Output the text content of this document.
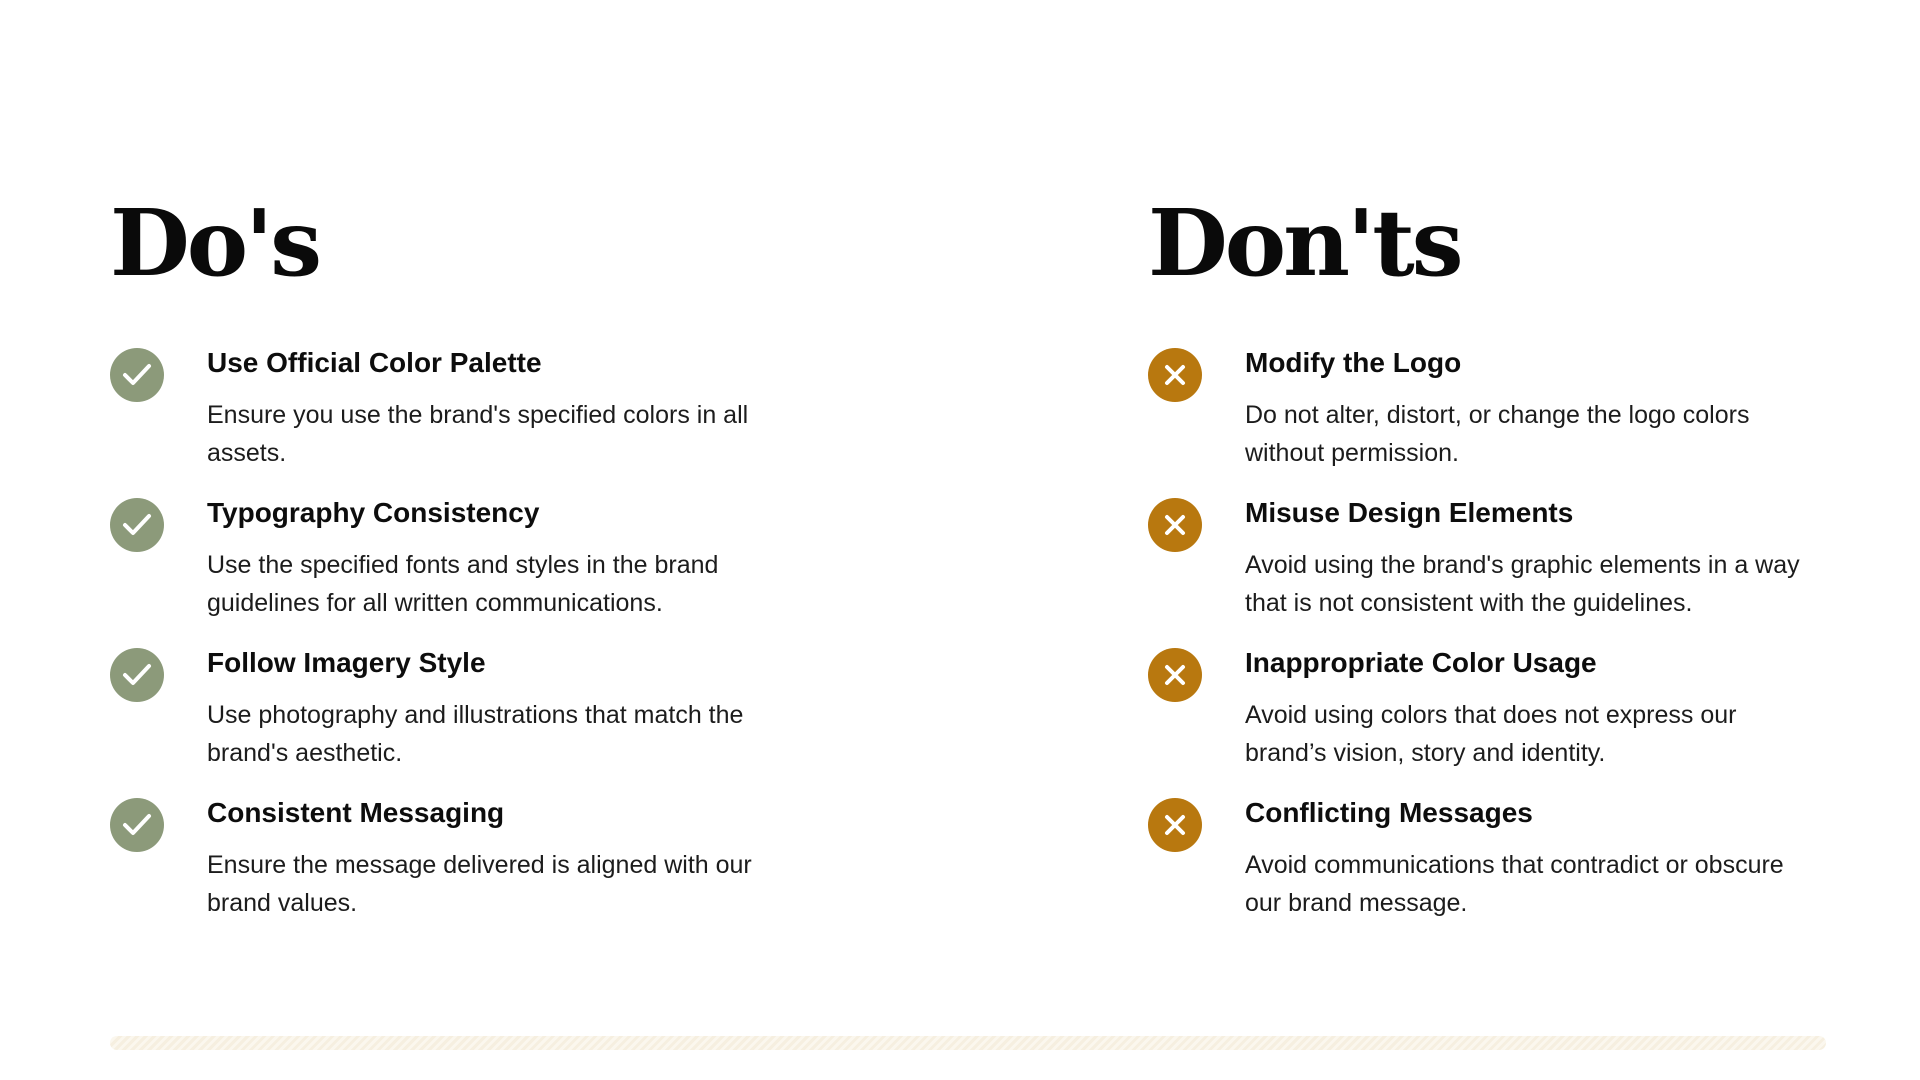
Do's
Use Official Color Palette

Ensure you use the brand's specified colors in all assets.

Typography Consistency

Use the specified fonts and styles in the brand guidelines for all written communications.

Follow Imagery Style

Use photography and illustrations that match the brand's aesthetic.

Consistent Messaging

Ensure the message delivered is aligned with our brand values.

Don'ts
Modify the Logo

Do not alter, distort, or change the logo colors without permission.

Misuse Design Elements

Avoid using the brand's graphic elements in a way that is not consistent with the guidelines.

Inappropriate Color Usage

Avoid using colors that does not express our brand’s vision, story and identity.

Conflicting Messages

Avoid communications that contradict or obscure our brand message.
